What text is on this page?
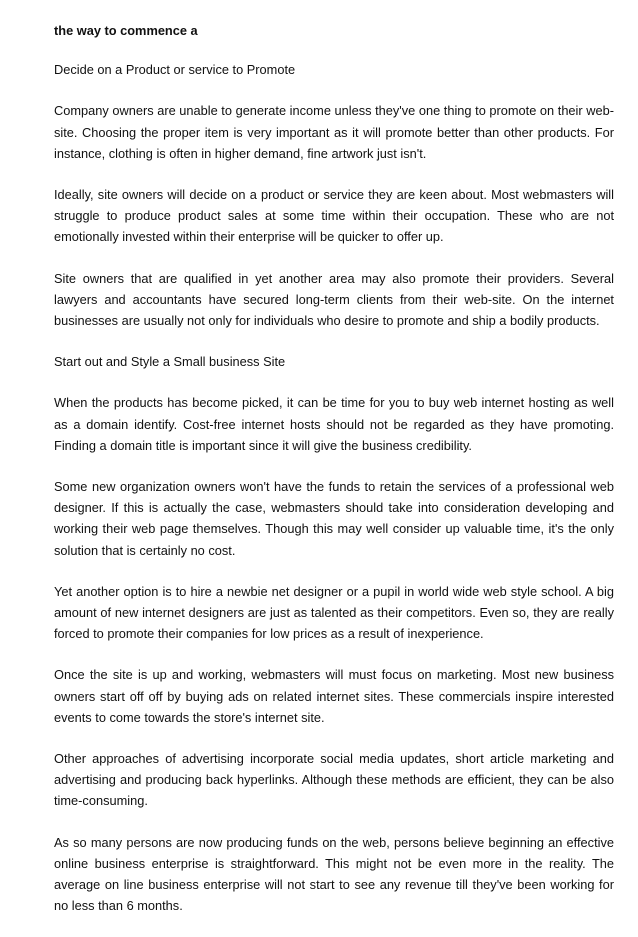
the way to commence a
Decide on a Product or service to Promote
Company owners are unable to generate income unless they've one thing to promote on their web-site. Choosing the proper item is very important as it will promote better than other products. For instance, clothing is often in higher demand, fine artwork just isn't.
Ideally, site owners will decide on a product or service they are keen about. Most webmasters will struggle to produce product sales at some time within their occupation. These who are not emotionally invested within their enterprise will be quicker to offer up.
Site owners that are qualified in yet another area may also promote their providers. Several lawyers and accountants have secured long-term clients from their web-site. On the internet businesses are usually not only for individuals who desire to promote and ship a bodily products.
Start out and Style a Small business Site
When the products has become picked, it can be time for you to buy web internet hosting as well as a domain identify. Cost-free internet hosts should not be regarded as they have promoting. Finding a domain title is important since it will give the business credibility.
Some new organization owners won't have the funds to retain the services of a professional web designer. If this is actually the case, webmasters should take into consideration developing and working their web page themselves. Though this may well consider up valuable time, it's the only solution that is certainly no cost.
Yet another option is to hire a newbie net designer or a pupil in world wide web style school. A big amount of new internet designers are just as talented as their competitors. Even so, they are really forced to promote their companies for low prices as a result of inexperience.
Once the site is up and working, webmasters will must focus on marketing. Most new business owners start off off by buying ads on related internet sites. These commercials inspire interested events to come towards the store's internet site.
Other approaches of advertising incorporate social media updates, short article marketing and advertising and producing back hyperlinks. Although these methods are efficient, they can be also time-consuming.
As so many persons are now producing funds on the web, persons believe beginning an effective online business enterprise is straightforward. This might not be even more in the reality. The average on line business enterprise will not start to see any revenue till they've been working for no less than 6 months.
